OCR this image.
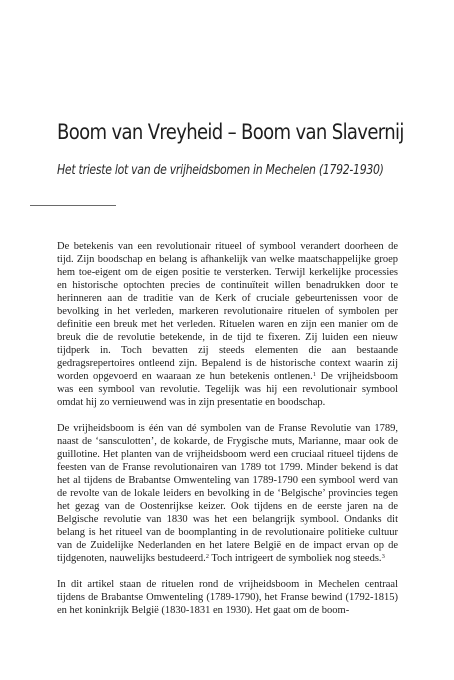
Boom van Vreyheid – Boom van Slavernij
Het trieste lot van de vrijheidsbomen in Mechelen (1792-1930)

De betekenis van een revolutionair ritueel of symbool verandert doorheen de tijd. Zijn boodschap en belang is afhankelijk van welke maatschappelijke groep hem toe-eigent om de eigen positie te versterken. Terwijl kerkelijke processies en historische optochten precies de continuïteit willen benadrukken door te herinneren aan de traditie van de Kerk of cruciale gebeurtenissen voor de bevolking in het verleden, markeren revolutionaire rituelen of symbolen per definitie een breuk met het verleden. Rituelen waren en zijn een manier om de breuk die de revolutie betekende, in de tijd te fixeren. Zij luiden een nieuw tijdperk in. Toch bevatten zij steeds elementen die aan bestaande gedragsrepertoires ontleend zijn. Bepalend is de historische context waarin zij worden opgevoerd en waaraan ze hun betekenis ontlenen.$^1$ De vrijheidsboom was een symbool van revolutie. Tegelijk was hij een revolutionair symbool omdat hij zo vernieuwend was in zijn presentatie en boodschap.

De vrijheidsboom is één van dé symbolen van de Franse Revolutie van 1789, naast de ‘sansculotten’, de kokarde, de Frygische muts, Marianne, maar ook de guillotine. Het planten van de vrijheidsboom werd een cruciaal ritueel tijdens de feesten van de Franse revolutionairen van 1789 tot 1799. Minder bekend is dat het al tijdens de Brabantse Omwenteling van 1789-1790 een symbool werd van de revolte van de lokale leiders en bevolking in de ‘Belgische’ provincies tegen het gezag van de Oostenrijkse keizer. Ook tijdens en de eerste jaren na de Belgische revolutie van 1830 was het een belangrijk symbool. Ondanks dit belang is het ritueel van de boomplanting in de revolutionaire politieke cultuur van de Zuidelijke Nederlanden en het latere België en de impact ervan op de tijdgenoten, nauwelijks bestudeerd.$^2$ Toch intrigeert de symboliek nog steeds.$^3$

In dit artikel staan de rituelen rond de vrijheidsboom in Mechelen centraal tijdens de Brabantse Omwenteling (1789-1790), het Franse bewind (1792-1815) en het koninkrijk België (1830-1831 en 1930). Het gaat om de boom-
